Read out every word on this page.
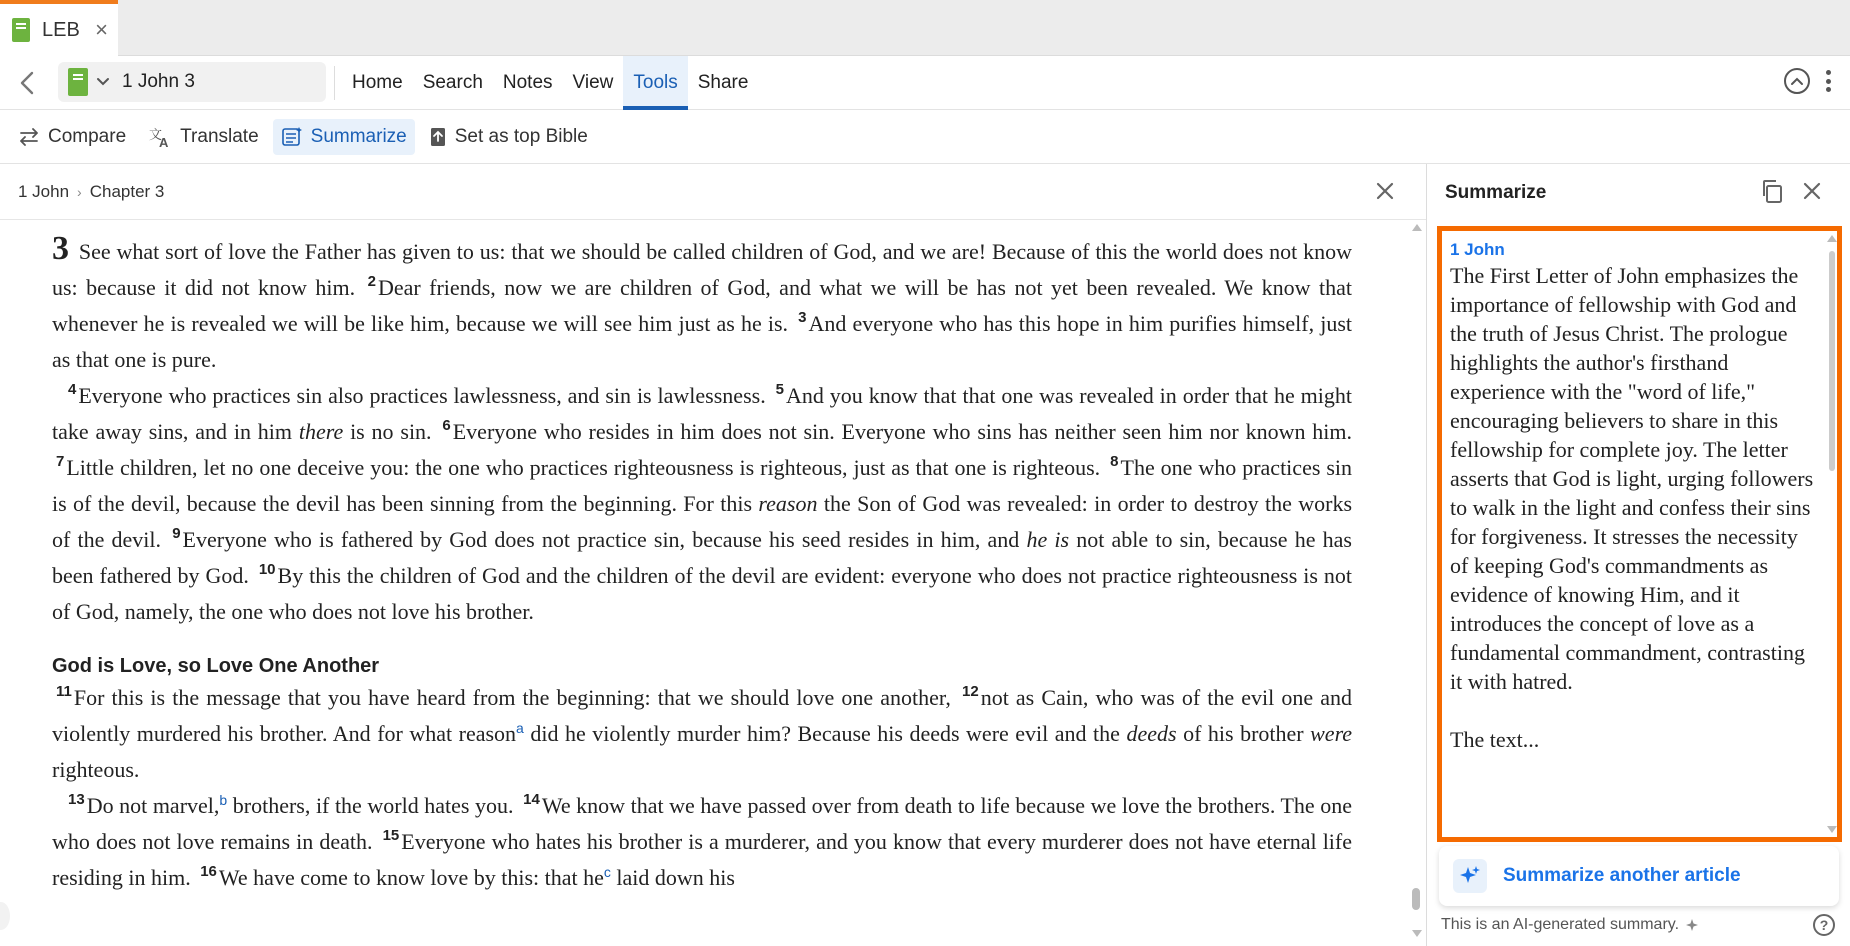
LEB ×
1 John 3	Home	Search	Notes	View	Tools	Share
Compare 文
A Translate	Summarize	Set as top Bible
1 John › Chapter 3

3 See what sort of love the Father has given to us: that we should be called children of God, and we are! Because of this the world does not know us: because it did not know him. $^2$Dear friends, now we are children of God, and what we will be has not yet been revealed. We know that whenever he is revealed we will be like him, because we will see him just as he is. $^3$And everyone who has this hope in him purifies himself, just as that one is pure.

$^4$Everyone who practices sin also practices lawlessness, and sin is lawlessness. $^5$And you know that that one was revealed in order that he might take away sins, and in him there is no sin. $^6$Everyone who resides in him does not sin. Everyone who sins has neither seen him nor known him. $^7$Little children, let no one deceive you: the one who practices righteousness is righteous, just as that one is righteous. $^8$The one who practices sin is of the devil, because the devil has been sinning from the beginning. For this reason the Son of God was revealed: in order to destroy the works of the devil. $^9$Everyone who is fathered by God does not practice sin, because his seed resides in him, and he is not able to sin, because he has been fathered by God. $^{10}$By this the children of God and the children of the devil are evident: everyone who does not practice righteousness is not of God, namely, the one who does not love his brother.

God is Love, so Love One Another

$^{11}$For this is the message that you have heard from the beginning: that we should love one another, $^{12}$not as Cain, who was of the evil one and violently murdered his brother. And for what reason$^a$ did he violently murder him? Because his deeds were evil and the deeds of his brother were righteous.

$^{13}$Do not marvel,$^b$ brothers, if the world hates you. $^{14}$We know that we have passed over from death to life because we love the brothers. The one who does not love remains in death. $^{15}$Everyone who hates his brother is a murderer, and you know that every murderer does not have eternal life residing in him. $^{16}$We have come to know love by this: that he$^c$ laid down his

Summarize
1 John
The First Letter of John emphasizes the importance of fellowship with God and the truth of Jesus Christ. The prologue highlights the author's firsthand experience with the "word of life," encouraging believers to share in this fellowship for complete joy. The letter asserts that God is light, urging followers to walk in the light and confess their sins for forgiveness. It stresses the necessity of keeping God's commandments as evidence of knowing Him, and it introduces the concept of love as a fundamental commandment, contrasting it with hatred.
The text...
Summarize another article
This is an AI-generated summary.	?
